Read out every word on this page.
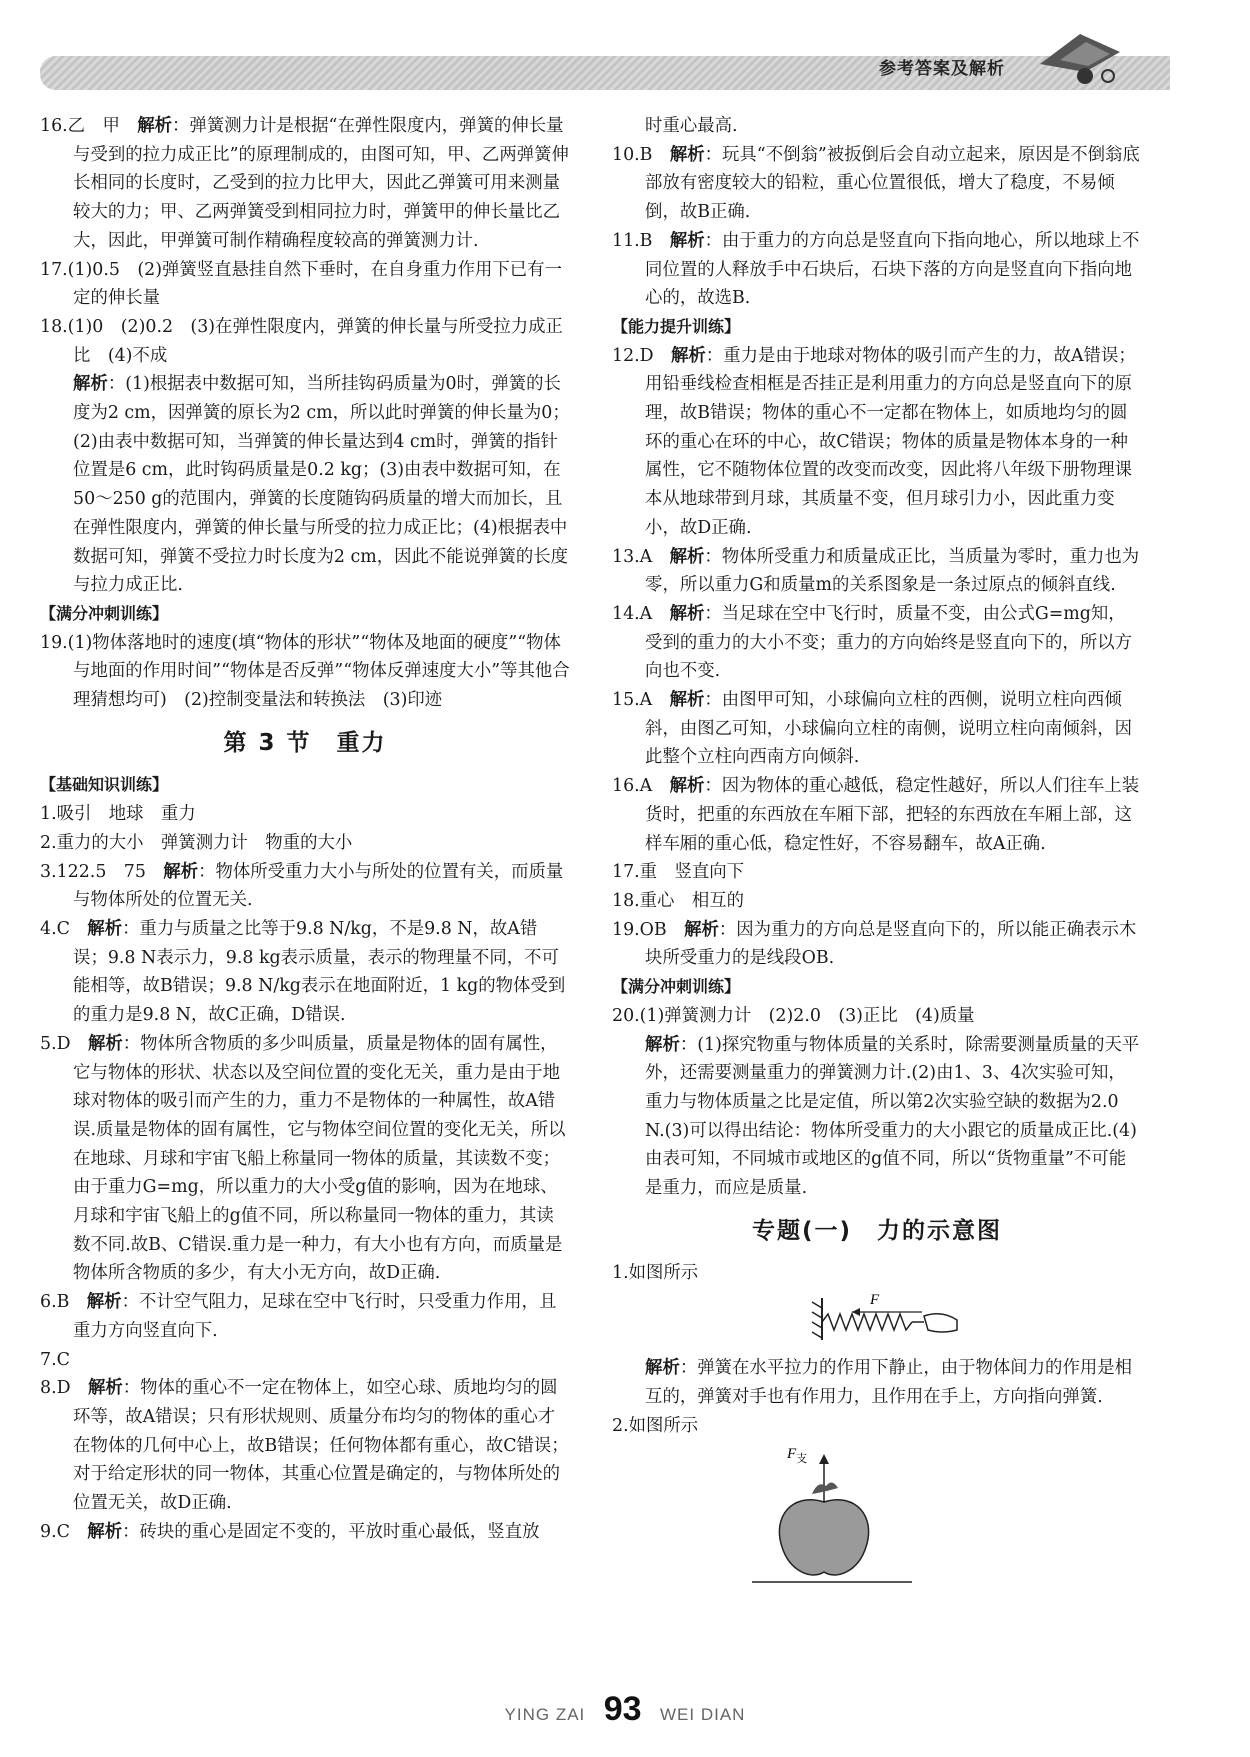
参考答案及解析

16.乙　甲　解析：弹簧测力计是根据“在弹性限度内，弹簧的伸长量与受到的拉力成正比”的原理制成的，由图可知，甲、乙两弹簧伸长相同的长度时，乙受到的拉力比甲大，因此乙弹簧可用来测量较大的力；甲、乙两弹簧受到相同拉力时，弹簧甲的伸长量比乙大，因此，甲弹簧可制作精确程度较高的弹簧测力计.

17.(1)0.5　(2)弹簧竖直悬挂自然下垂时，在自身重力作用下已有一定的伸长量

18.(1)0　(2)0.2　(3)在弹性限度内，弹簧的伸长量与所受拉力成正比　(4)不成

解析：(1)根据表中数据可知，当所挂钩码质量为0时，弹簧的长度为2 cm，因弹簧的原长为2 cm，所以此时弹簧的伸长量为0；(2)由表中数据可知，当弹簧的伸长量达到4 cm时，弹簧的指针位置是6 cm，此时钩码质量是0.2 kg；(3)由表中数据可知，在50～250 g的范围内，弹簧的长度随钩码质量的增大而加长，且在弹性限度内，弹簧的伸长量与所受的拉力成正比；(4)根据表中数据可知，弹簧不受拉力时长度为2 cm，因此不能说弹簧的长度与拉力成正比.

【满分冲刺训练】

19.(1)物体落地时的速度(填“物体的形状”“物体及地面的硬度”“物体与地面的作用时间”“物体是否反弹”“物体反弹速度大小”等其他合理猜想均可)　(2)控制变量法和转换法　(3)印迹

第 3 节　重力

【基础知识训练】

1.吸引　地球　重力

2.重力的大小　弹簧测力计　物重的大小

3.122.5　75　解析：物体所受重力大小与所处的位置有关，而质量与物体所处的位置无关.

4.C　解析：重力与质量之比等于9.8 N/kg，不是9.8 N，故A错误；9.8 N表示力，9.8 kg表示质量，表示的物理量不同，不可能相等，故B错误；9.8 N/kg表示在地面附近，1 kg的物体受到的重力是9.8 N，故C正确，D错误.

5.D　解析：物体所含物质的多少叫质量，质量是物体的固有属性，它与物体的形状、状态以及空间位置的变化无关，重力是由于地球对物体的吸引而产生的力，重力不是物体的一种属性，故A错误.质量是物体的固有属性，它与物体空间位置的变化无关，所以在地球、月球和宇宙飞船上称量同一物体的质量，其读数不变；由于重力G=mg，所以重力的大小受g值的影响，因为在地球、月球和宇宙飞船上的g值不同，所以称量同一物体的重力，其读数不同.故B、C错误.重力是一种力，有大小也有方向，而质量是物体所含物质的多少，有大小无方向，故D正确.

6.B　解析：不计空气阻力，足球在空中飞行时，只受重力作用，且重力方向竖直向下.

7.C

8.D　解析：物体的重心不一定在物体上，如空心球、质地均匀的圆环等，故A错误；只有形状规则、质量分布均匀的物体的重心才在物体的几何中心上，故B错误；任何物体都有重心，故C错误；对于给定形状的同一物体，其重心位置是确定的，与物体所处的位置无关，故D正确.

9.C　解析：砖块的重心是固定不变的，平放时重心最低，竖直放

时重心最高.

10.B　解析：玩具“不倒翁”被扳倒后会自动立起来，原因是不倒翁底部放有密度较大的铅粒，重心位置很低，增大了稳度，不易倾倒，故B正确.

11.B　解析：由于重力的方向总是竖直向下指向地心，所以地球上不同位置的人释放手中石块后，石块下落的方向是竖直向下指向地心的，故选B.

【能力提升训练】

12.D　解析：重力是由于地球对物体的吸引而产生的力，故A错误；用铅垂线检查相框是否挂正是利用重力的方向总是竖直向下的原理，故B错误；物体的重心不一定都在物体上，如质地均匀的圆环的重心在环的中心，故C错误；物体的质量是物体本身的一种属性，它不随物体位置的改变而改变，因此将八年级下册物理课本从地球带到月球，其质量不变，但月球引力小，因此重力变小，故D正确.

13.A　解析：物体所受重力和质量成正比，当质量为零时，重力也为零，所以重力G和质量m的关系图象是一条过原点的倾斜直线.

14.A　解析：当足球在空中飞行时，质量不变，由公式G=mg知，受到的重力的大小不变；重力的方向始终是竖直向下的，所以方向也不变.

15.A　解析：由图甲可知，小球偏向立柱的西侧，说明立柱向西倾斜，由图乙可知，小球偏向立柱的南侧，说明立柱向南倾斜，因此整个立柱向西南方向倾斜.

16.A　解析：因为物体的重心越低，稳定性越好，所以人们往车上装货时，把重的东西放在车厢下部，把轻的东西放在车厢上部，这样车厢的重心低，稳定性好，不容易翻车，故A正确.

17.重　竖直向下

18.重心　相互的

19.OB　解析：因为重力的方向总是竖直向下的，所以能正确表示木块所受重力的是线段OB.

【满分冲刺训练】

20.(1)弹簧测力计　(2)2.0　(3)正比　(4)质量

解析：(1)探究物重与物体质量的关系时，除需要测量质量的天平外，还需要测量重力的弹簧测力计.(2)由1、3、4次实验可知，重力与物体质量之比是定值，所以第2次实验空缺的数据为2.0 N.(3)可以得出结论：物体所受重力的大小跟它的质量成正比.(4)由表可知，不同城市或地区的g值不同，所以“货物重量”不可能是重力，而应是质量.

专题(一)　力的示意图

1.如图所示

F

解析：弹簧在水平拉力的作用下静止，由于物体间力的作用是相互的，弹簧对手也有作用力，且作用在手上，方向指向弹簧.

2.如图所示

$F_支$
YING ZAI 93 WEI DIAN
